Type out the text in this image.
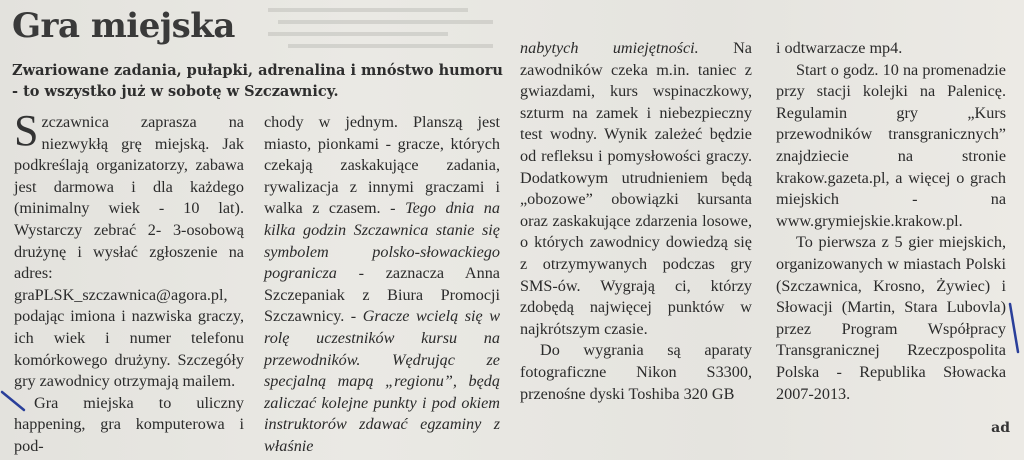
Gra miejska

Zwariowane zadania, pułapki, adrenalina i mnóstwo humoru - to wszystko już w sobotę w Szczawnicy.

Szczawnica zaprasza na niezwykłą grę miejską. Jak podkreślają organizatorzy, zabawa jest darmowa i dla każdego (minimalny wiek - 10 lat). Wystarczy zebrać 2- 3-osobową drużynę i wysłać zgłoszenie na adres: graPLSK_szczawnica@agora.pl, podając imiona i nazwiska graczy, ich wiek i numer telefonu komórkowego drużyny. Szczegóły gry zawodnicy otrzymają mailem.

Gra miejska to uliczny happening, gra komputerowa i pod-

chody w jednym. Planszą jest miasto, pionkami - gracze, których czekają zaskakujące zadania, rywalizacja z innymi graczami i walka z czasem. - Tego dnia na kilka godzin Szczawnica stanie się symbolem polsko-słowackiego pogranicza - zaznacza Anna Szczepaniak z Biura Promocji Szczawnicy. - Gracze wcielą się w rolę uczestników kursu na przewodników. Wędrując ze specjalną mapą „regionu”, będą zaliczać kolejne punkty i pod okiem instruktorów zdawać egzaminy z właśnie

nabytych umiejętności. Na zawodników czeka m.in. taniec z gwiazdami, kurs wspinaczkowy, szturm na zamek i niebezpieczny test wodny. Wynik zależeć będzie od refleksu i pomysłowości graczy. Dodatkowym utrudnieniem będą „obozowe” obowiązki kursanta oraz zaskakujące zdarzenia losowe, o których zawodnicy dowiedzą się z otrzymywanych podczas gry SMS-ów. Wygrają ci, którzy zdobędą najwięcej punktów w najkrótszym czasie.

Do wygrania są aparaty fotograficzne Nikon S3300, przenośne dyski Toshiba 320 GB

i odtwarzacze mp4.

Start o godz. 10 na promenadzie przy stacji kolejki na Palenicę. Regulamin gry „Kurs przewodników transgranicznych” znajdziecie na stronie krakow.gazeta.pl, a więcej o grach miejskich - na www.grymiejskie.krakow.pl.

To pierwsza z 5 gier miejskich, organizowanych w miastach Polski (Szczawnica, Krosno, Żywiec) i Słowacji (Martin, Stara Lubovla) przez Program Współpracy Transgranicznej Rzeczpospolita Polska - Republika Słowacka 2007-2013.

ad
